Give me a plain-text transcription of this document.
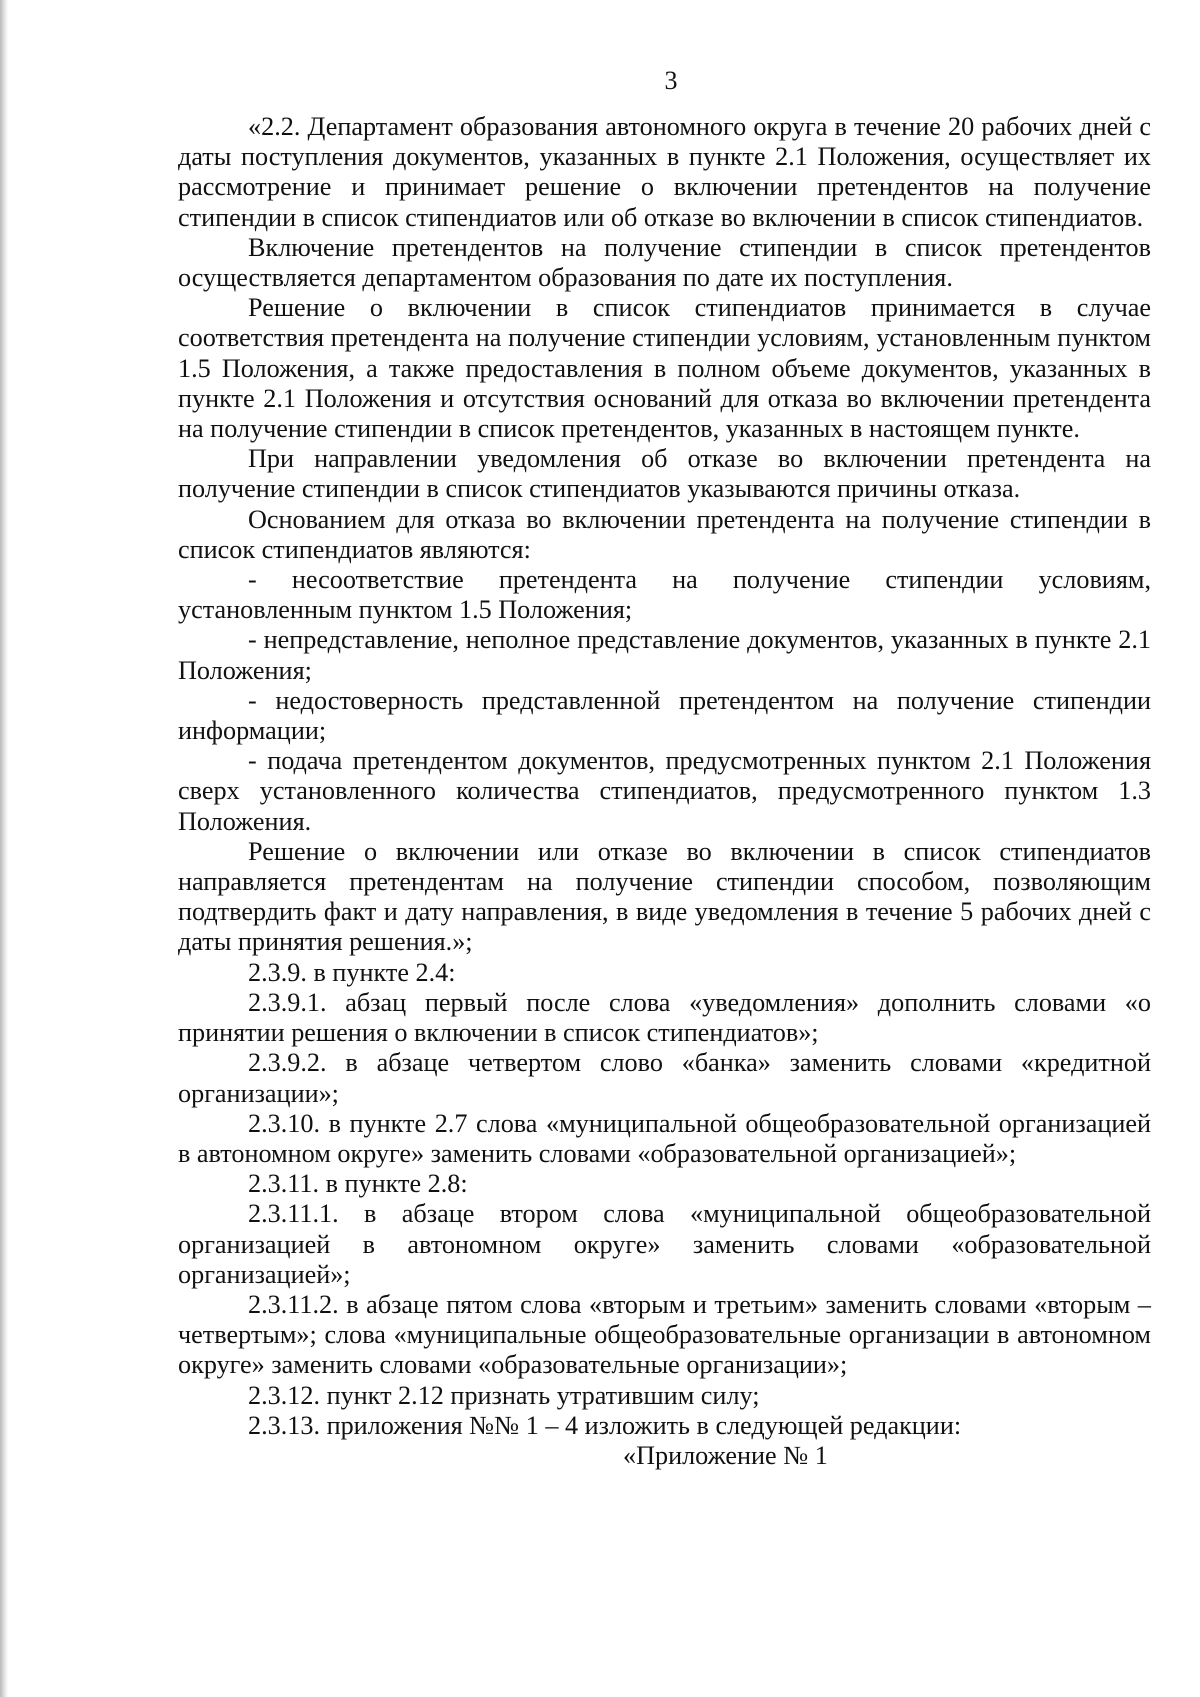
3

«2.2. Департамент образования автономного округа в течение 20 рабочих дней с даты поступления документов, указанных в пункте 2.1 Положения, осуществляет их рассмотрение и принимает решение о включении претендентов на получение стипендии в список стипендиатов или об отказе во включении в список стипендиатов.

Включение претендентов на получение стипендии в список претендентов осуществляется департаментом образования по дате их поступления.

Решение о включении в список стипендиатов принимается в случае соответствия претендента на получение стипендии условиям, установленным пунктом 1.5 Положения, а также предоставления в полном объеме документов, указанных в пункте 2.1 Положения и отсутствия оснований для отказа во включении претендента на получение стипендии в список претендентов, указанных в настоящем пункте.

При направлении уведомления об отказе во включении претендента на получение стипендии в список стипендиатов указываются причины отказа.

Основанием для отказа во включении претендента на получение стипендии в список стипендиатов являются:

- несоответствие претендента на получение стипендии условиям, установленным пунктом 1.5 Положения;

- непредставление, неполное представление документов, указанных в пункте 2.1 Положения;

- недостоверность представленной претендентом на получение стипендии информации;

- подача претендентом документов, предусмотренных пунктом 2.1 Положения сверх установленного количества стипендиатов, предусмотренного пунктом 1.3 Положения.

Решение о включении или отказе во включении в список стипендиатов направляется претендентам на получение стипендии способом, позволяющим подтвердить факт и дату направления, в виде уведомления в течение 5 рабочих дней с даты принятия решения.»;

2.3.9. в пункте 2.4:

2.3.9.1. абзац первый после слова «уведомления» дополнить словами «о принятии решения о включении в список стипендиатов»;

2.3.9.2. в абзаце четвертом слово «банка» заменить словами «кредитной организации»;

2.3.10. в пункте 2.7 слова «муниципальной общеобразовательной организацией в автономном округе» заменить словами «образовательной организацией»;

2.3.11. в пункте 2.8:

2.3.11.1. в абзаце втором слова «муниципальной общеобразовательной организацией в автономном округе» заменить словами «образовательной организацией»;

2.3.11.2. в абзаце пятом слова «вторым и третьим» заменить словами «вторым – четвертым»; слова «муниципальные общеобразовательные организации в автономном округе» заменить словами «образовательные организации»;

2.3.12. пункт 2.12 признать утратившим силу;

2.3.13. приложения №№ 1 – 4 изложить в следующей редакции:

«Приложение № 1
